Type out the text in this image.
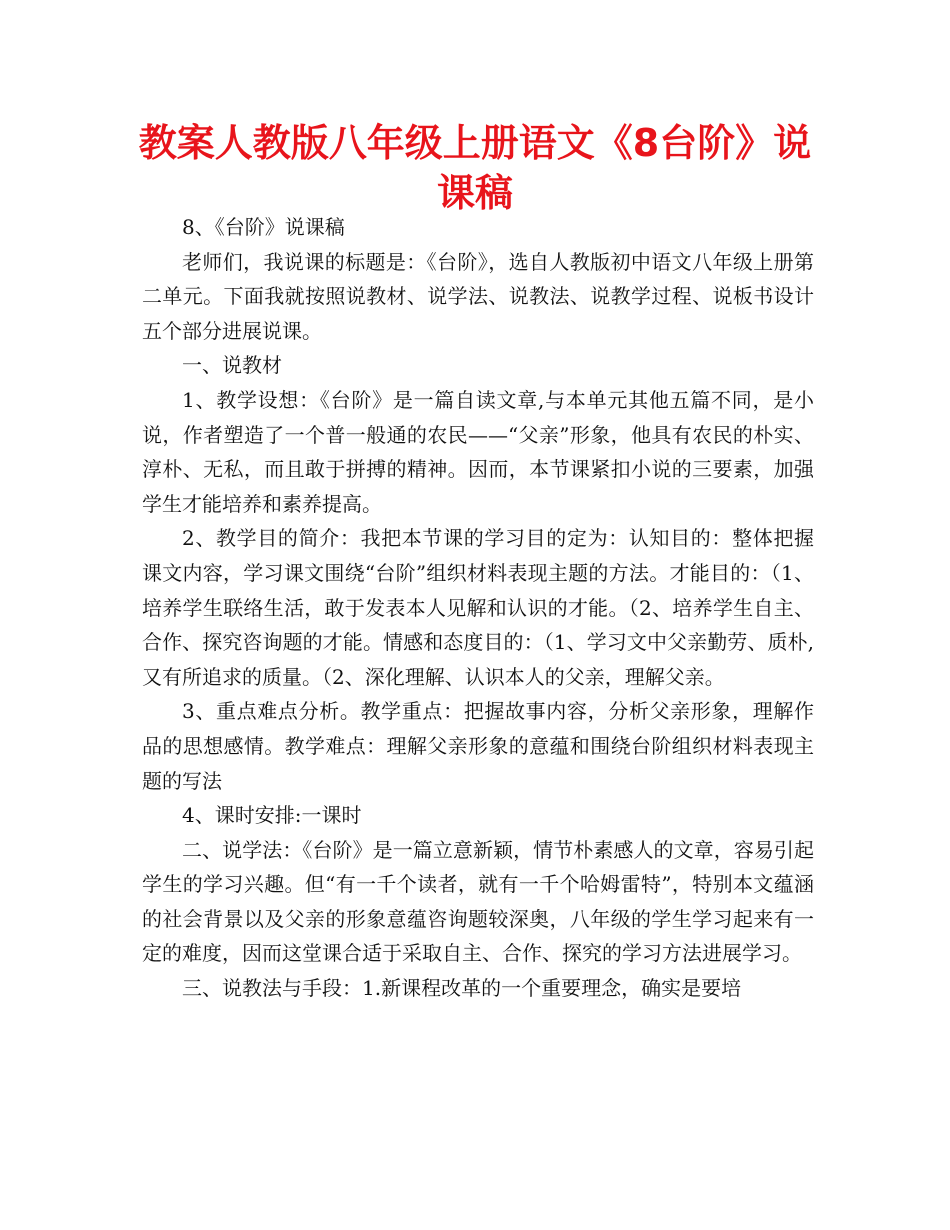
教案人教版八年级上册语文《8台阶》说课稿

8、《台阶》说课稿

老师们，我说课的标题是：《台阶》，选自人教版初中语文八年级上册第二单元。下面我就按照说教材、说学法、说教法、说教学过程、说板书设计五个部分进展说课。

一、说教材

1、教学设想：《台阶》是一篇自读文章,与本单元其他五篇不同，是小说，作者塑造了一个普一般通的农民——“父亲”形象，他具有农民的朴实、淳朴、无私，而且敢于拼搏的精神。因而，本节课紧扣小说的三要素，加强学生才能培养和素养提高。

2、教学目的简介：我把本节课的学习目的定为：认知目的：整体把握课文内容，学习课文围绕“台阶”组织材料表现主题的方法。才能目的：（1、培养学生联络生活，敢于发表本人见解和认识的才能。（2、培养学生自主、合作、探究咨询题的才能。情感和态度目的：（1、学习文中父亲勤劳、质朴,又有所追求的质量。（2、深化理解、认识本人的父亲，理解父亲。

3、重点难点分析。教学重点：把握故事内容，分析父亲形象，理解作品的思想感情。教学难点：理解父亲形象的意蕴和围绕台阶组织材料表现主题的写法

4、课时安排:一课时

二、说学法：《台阶》是一篇立意新颖，情节朴素感人的文章，容易引起学生的学习兴趣。但“有一千个读者，就有一千个哈姆雷特”，特别本文蕴涵的社会背景以及父亲的形象意蕴咨询题较深奥，八年级的学生学习起来有一定的难度，因而这堂课合适于采取自主、合作、探究的学习方法进展学习。

三、说教法与手段：1.新课程改革的一个重要理念，确实是要培
